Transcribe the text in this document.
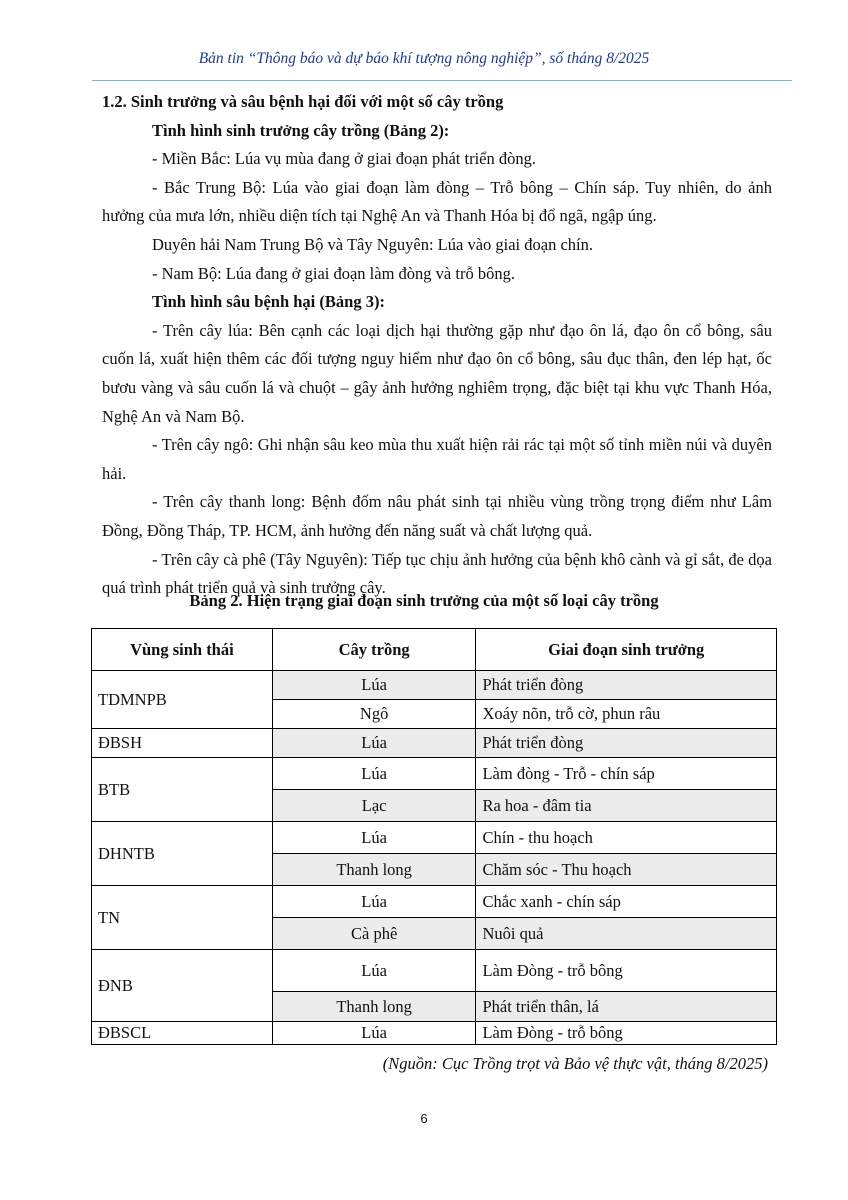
Bản tin “Thông báo và dự báo khí tượng nông nghiệp”, số tháng 8/2025

1.2. Sinh trưởng và sâu bệnh hại đối với một số cây trồng

Tình hình sinh trưởng cây trồng (Bảng 2):

- Miền Bắc: Lúa vụ mùa đang ở giai đoạn phát triển đòng.

- Bắc Trung Bộ: Lúa vào giai đoạn làm đòng – Trỗ bông – Chín sáp. Tuy nhiên, do ảnh hưởng của mưa lớn, nhiều diện tích tại Nghệ An và Thanh Hóa bị đổ ngã, ngập úng.

Duyên hải Nam Trung Bộ và Tây Nguyên: Lúa vào giai đoạn chín.

- Nam Bộ: Lúa đang ở giai đoạn làm đòng và trỗ bông.

Tình hình sâu bệnh hại (Bảng 3):

- Trên cây lúa: Bên cạnh các loại dịch hại thường gặp như đạo ôn lá, đạo ôn cổ bông, sâu cuốn lá, xuất hiện thêm các đối tượng nguy hiểm như đạo ôn cổ bông, sâu đục thân, đen lép hạt, ốc bươu vàng và sâu cuốn lá và chuột – gây ảnh hưởng nghiêm trọng, đặc biệt tại khu vực Thanh Hóa, Nghệ An và Nam Bộ.

- Trên cây ngô: Ghi nhận sâu keo mùa thu xuất hiện rải rác tại một số tỉnh miền núi và duyên hải.

- Trên cây thanh long: Bệnh đốm nâu phát sinh tại nhiều vùng trồng trọng điểm như Lâm Đồng, Đồng Tháp, TP. HCM, ảnh hưởng đến năng suất và chất lượng quả.

- Trên cây cà phê (Tây Nguyên): Tiếp tục chịu ảnh hưởng của bệnh khô cành và gỉ sắt, đe dọa quá trình phát triển quả và sinh trưởng cây.

Bảng 2. Hiện trạng giai đoạn sinh trưởng của một số loại cây trồng
Vùng sinh thái	Cây trồng	Giai đoạn sinh trưởng
TDMNPB	Lúa	Phát triển đòng
	Ngô	Xoáy nõn, trỗ cờ, phun râu
ĐBSH	Lúa	Phát triển đòng
BTB	Lúa	Làm đòng - Trỗ - chín sáp
	Lạc	Ra hoa - đâm tia
DHNTB	Lúa	Chín - thu hoạch
	Thanh long	Chăm sóc - Thu hoạch
TN	Lúa	Chắc xanh - chín sáp
	Cà phê	Nuôi quả
ĐNB	Lúa	Làm Đòng - trỗ bông
	Thanh long	Phát triển thân, lá
ĐBSCL	Lúa	Làm Đòng - trỗ bông
(Nguồn: Cục Trồng trọt và Bảo vệ thực vật, tháng 8/2025)
6
